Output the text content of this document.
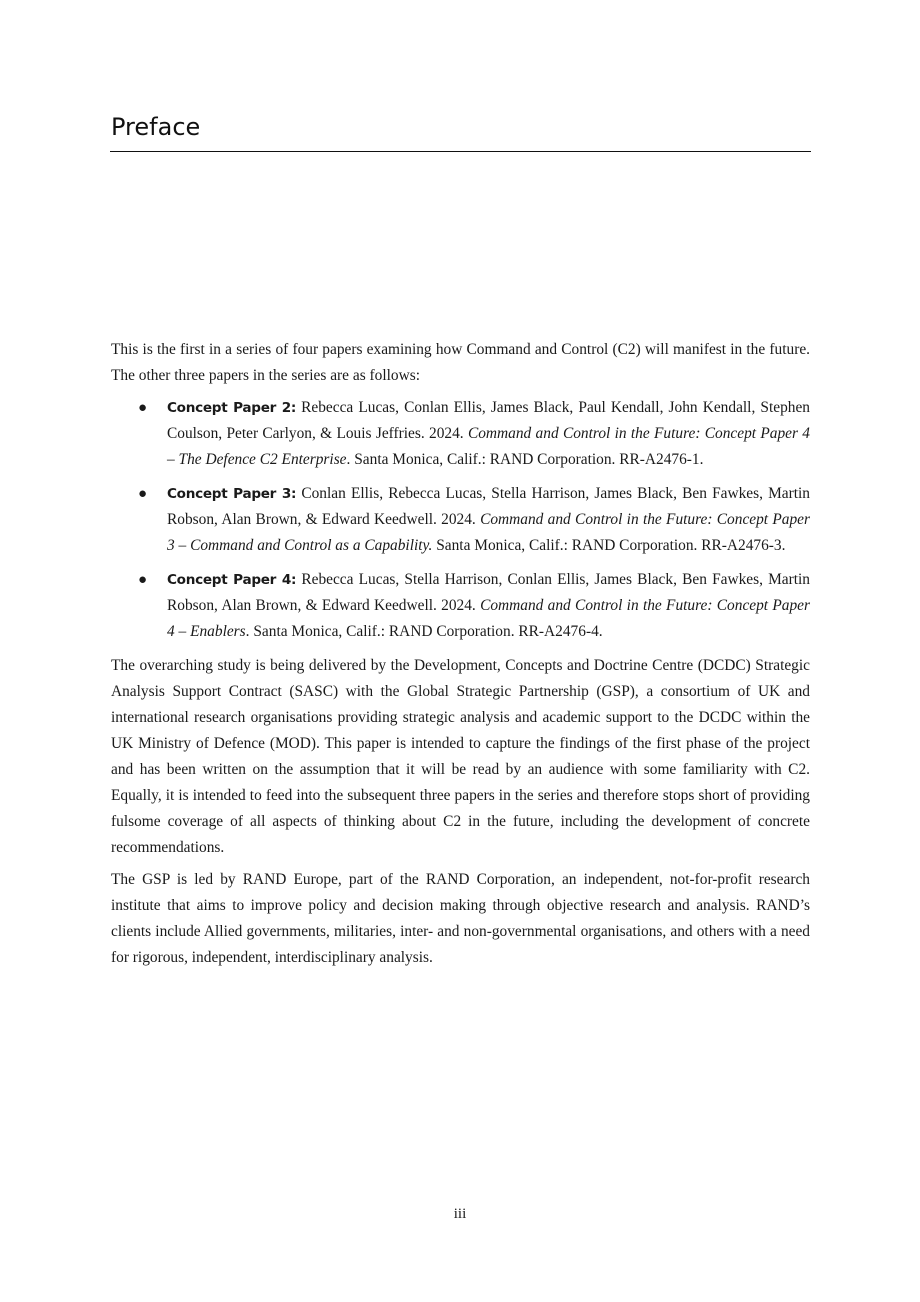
Preface

This is the first in a series of four papers examining how Command and Control (C2) will manifest in the future. The other three papers in the series are as follows:

● Concept Paper 2: Rebecca Lucas, Conlan Ellis, James Black, Paul Kendall, John Kendall, Stephen Coulson, Peter Carlyon, & Louis Jeffries. 2024. Command and Control in the Future: Concept Paper 4 – The Defence C2 Enterprise. Santa Monica, Calif.: RAND Corporation. RR-A2476-1.
● Concept Paper 3: Conlan Ellis, Rebecca Lucas, Stella Harrison, James Black, Ben Fawkes, Martin Robson, Alan Brown, & Edward Keedwell. 2024. Command and Control in the Future: Concept Paper 3 – Command and Control as a Capability. Santa Monica, Calif.: RAND Corporation. RR-A2476-3.
● Concept Paper 4: Rebecca Lucas, Stella Harrison, Conlan Ellis, James Black, Ben Fawkes, Martin Robson, Alan Brown, & Edward Keedwell. 2024. Command and Control in the Future: Concept Paper 4 – Enablers. Santa Monica, Calif.: RAND Corporation. RR-A2476-4.

The overarching study is being delivered by the Development, Concepts and Doctrine Centre (DCDC) Strategic Analysis Support Contract (SASC) with the Global Strategic Partnership (GSP), a consortium of UK and international research organisations providing strategic analysis and academic support to the DCDC within the UK Ministry of Defence (MOD). This paper is intended to capture the findings of the first phase of the project and has been written on the assumption that it will be read by an audience with some familiarity with C2. Equally, it is intended to feed into the subsequent three papers in the series and therefore stops short of providing fulsome coverage of all aspects of thinking about C2 in the future, including the development of concrete recommendations.

The GSP is led by RAND Europe, part of the RAND Corporation, an independent, not-for-profit research institute that aims to improve policy and decision making through objective research and analysis. RAND’s clients include Allied governments, militaries, inter- and non-governmental organisations, and others with a need for rigorous, independent, interdisciplinary analysis.

iii
